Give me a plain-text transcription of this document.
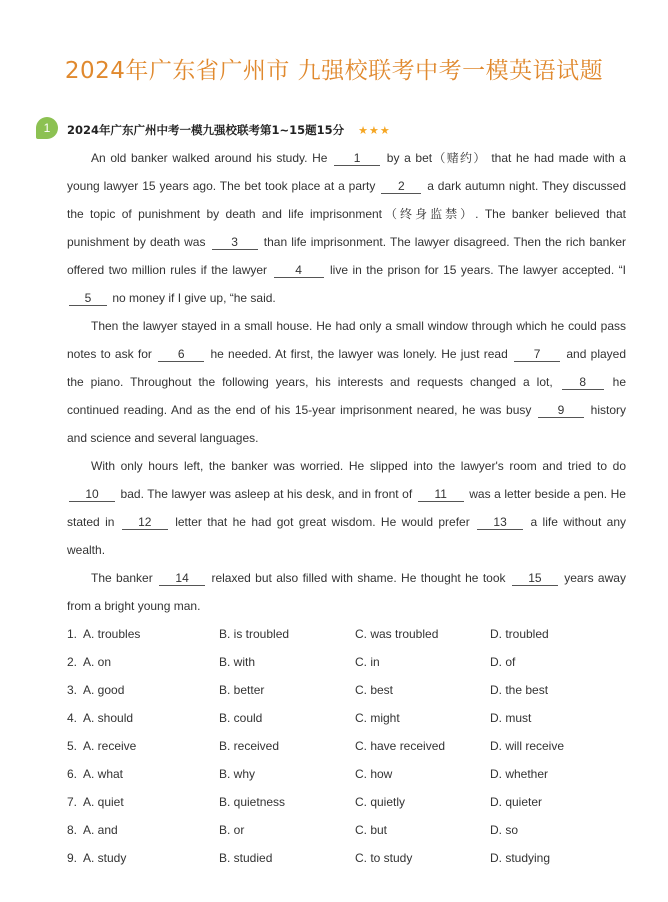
2024年广东省广州市 九强校联考中考一模英语试题
1	2024年广东广州中考一模九强校联考第1~15题15分 ★★★

An old banker walked around his study. He 1 by a bet（赌约） that he had made with a young lawyer 15 years ago. The bet took place at a party 2 a dark autumn night. They discussed the topic of punishment by death and life imprisonment（终身监禁）. The banker believed that punishment by death was 3 than life imprisonment. The lawyer disagreed. Then the rich banker offered two million rules if the lawyer 4 live in the prison for 15 years. The lawyer accepted. “I 5 no money if I give up, “he said.

Then the lawyer stayed in a small house. He had only a small window through which he could pass notes to ask for 6 he needed. At first, the lawyer was lonely. He just read 7 and played the piano. Throughout the following years, his interests and requests changed a lot, 8 he continued reading. And as the end of his 15-year imprisonment neared, he was busy 9 history and science and several languages.

With only hours left, the banker was worried. He slipped into the lawyer's room and tried to do 10 bad. The lawyer was asleep at his desk, and in front of 11 was a letter beside a pen. He stated in 12 letter that he had got great wisdom. He would prefer 13 a life without any wealth.

The banker 14 relaxed but also filled with shame. He thought he took 15 years away from a bright young man.

1. A. troubles	B. is troubled	C. was troubled	D. troubled
2. A. on	B. with	C. in	D. of
3. A. good	B. better	C. best	D. the best
4. A. should	B. could	C. might	D. must
5. A. receive	B. received	C. have received	D. will receive
6. A. what	B. why	C. how	D. whether
7. A. quiet	B. quietness	C. quietly	D. quieter
8. A. and	B. or	C. but	D. so
9. A. study	B. studied	C. to study	D. studying
